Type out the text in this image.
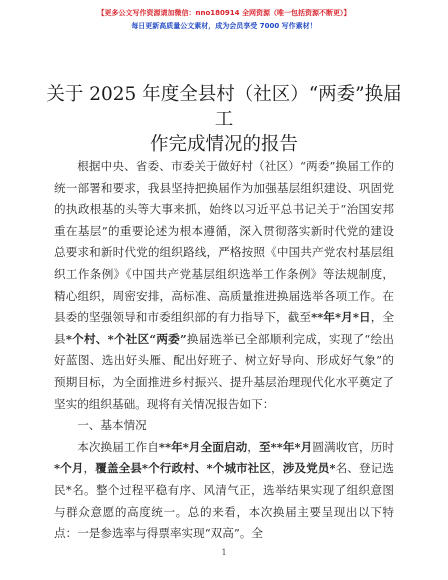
【更多公文写作资源请加微信：nno180914 全网资源（唯一包括资源不断更）】
每日更新高质量公文素材，成为会员享受 7000 写作素材！
关于 2025 年度全县村（社区）“两委”换届工
作完成情况的报告

根据中央、省委、市委关于做好村（社区）“两委”换届工作的统一部署和要求，我县坚持把换届作为加强基层组织建设、巩固党的执政根基的头等大事来抓，始终以习近平总书记关于“治国安邦重在基层”的重要论述为根本遵循，深入贯彻落实新时代党的建设总要求和新时代党的组织路线，严格按照《中国共产党农村基层组织工作条例》《中国共产党基层组织选举工作条例》等法规制度，精心组织，周密安排，高标准、高质量推进换届选举各项工作。在县委的坚强领导和市委组织部的有力指导下，截至**年*月*日，全县*个村、*个社区“两委”换届选举已全部顺利完成，实现了“绘出好蓝图、选出好头雁、配出好班子、树立好导向、形成好气象”的预期目标，为全面推进乡村振兴、提升基层治理现代化水平奠定了坚实的组织基础。现将有关情况报告如下：

一、基本情况

本次换届工作自**年*月全面启动，至**年*月圆满收官，历时*个月，覆盖全县*个行政村、*个城市社区，涉及党员*名、登记选民*名。整个过程平稳有序、风清气正，选举结果实现了组织意图与群众意愿的高度统一。总的来看，本次换届主要呈现出以下特点：一是参选率与得票率实现“双高”。全

1
